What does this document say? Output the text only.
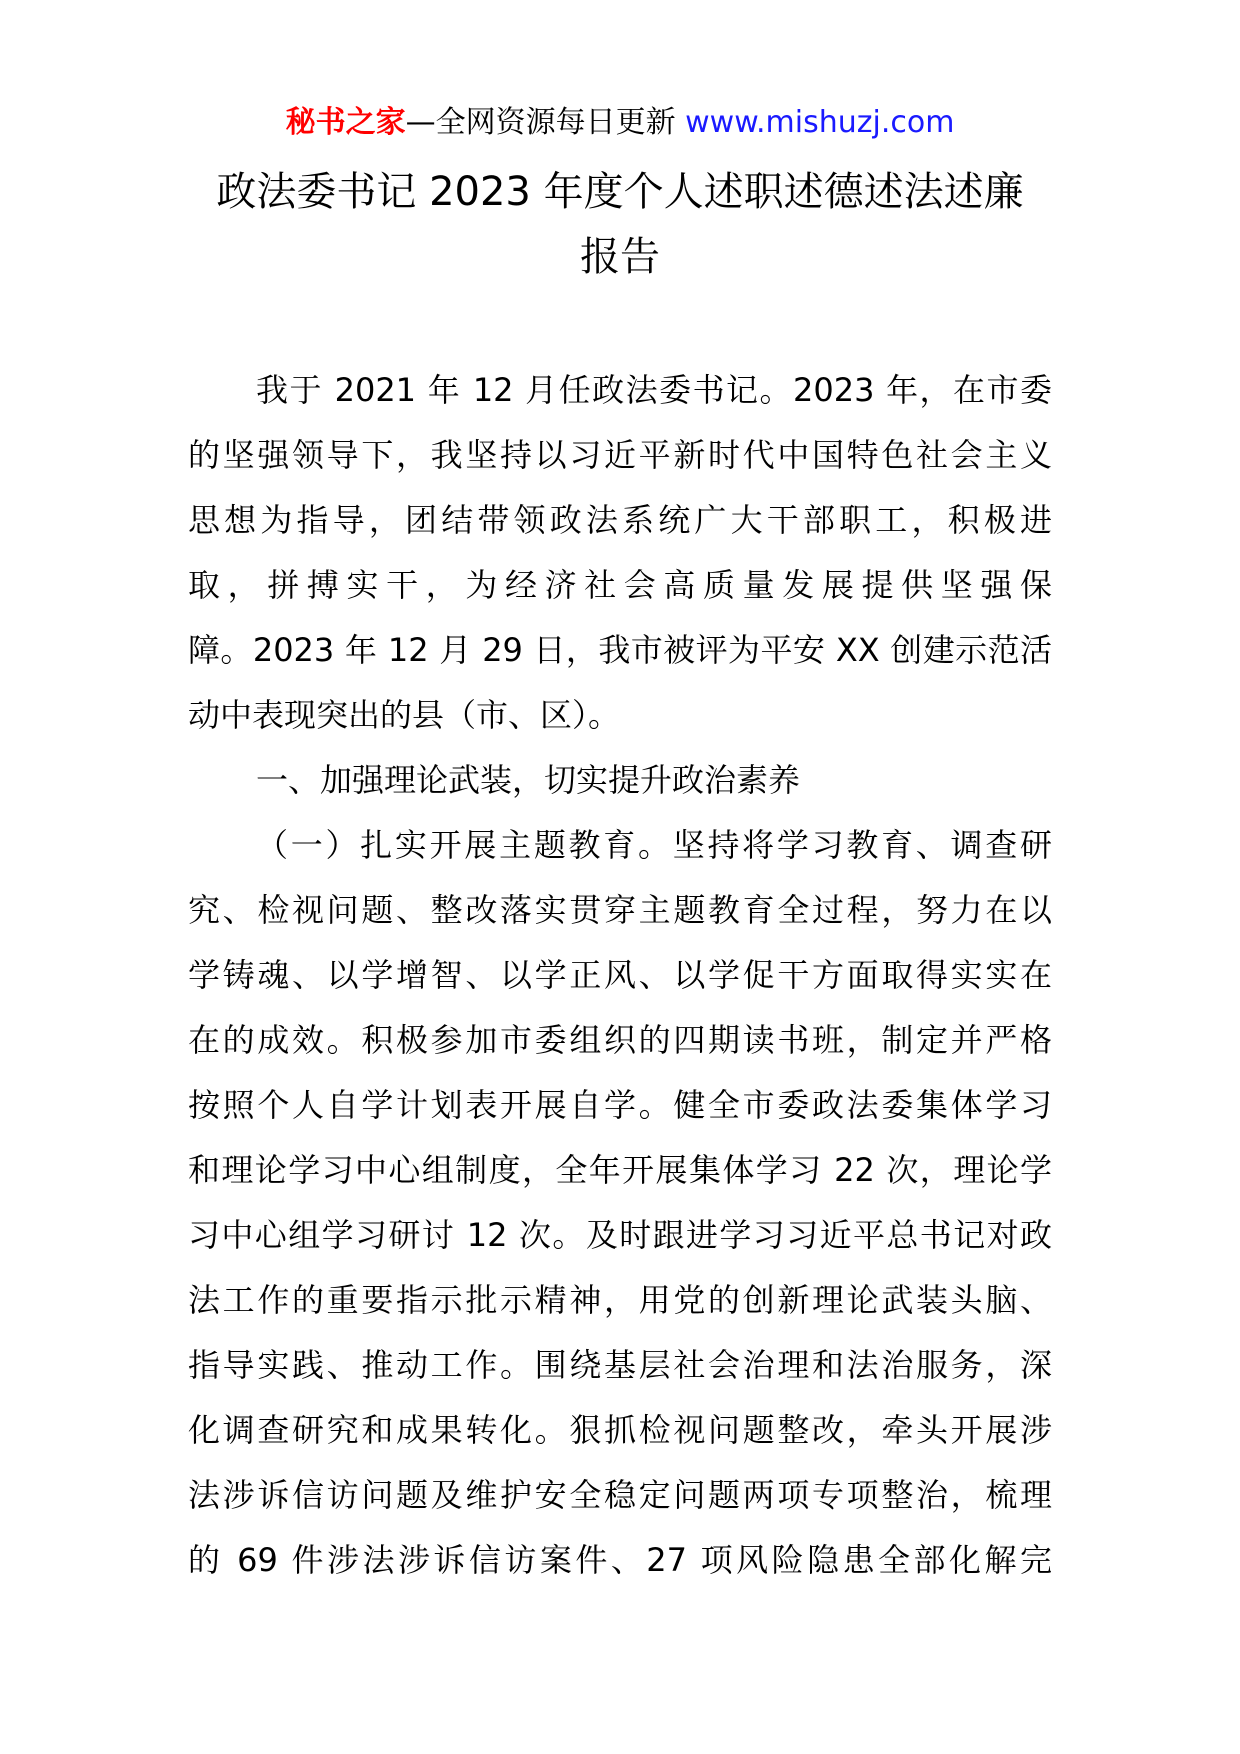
秘书之家—全网资源每日更新 www.mishuzj.com
政法委书记 2023 年度个人述职述德述法述廉
报告
我于 2021 年 12 月任政法委书记。2023 年，在市委
的坚强领导下，我坚持以习近平新时代中国特色社会主义
思想为指导，团结带领政法系统广大干部职工，积极进
取，拼搏实干，为经济社会高质量发展提供坚强保
障。2023 年 12 月 29 日，我市被评为平安 XX 创建示范活
动中表现突出的县（市、区）。
一、加强理论武装，切实提升政治素养
（一）扎实开展主题教育。坚持将学习教育、调查研
究、检视问题、整改落实贯穿主题教育全过程，努力在以
学铸魂、以学增智、以学正风、以学促干方面取得实实在
在的成效。积极参加市委组织的四期读书班，制定并严格
按照个人自学计划表开展自学。健全市委政法委集体学习
和理论学习中心组制度，全年开展集体学习 22 次，理论学
习中心组学习研讨 12 次。及时跟进学习习近平总书记对政
法工作的重要指示批示精神，用党的创新理论武装头脑、
指导实践、推动工作。围绕基层社会治理和法治服务，深
化调查研究和成果转化。狠抓检视问题整改，牵头开展涉
法涉诉信访问题及维护安全稳定问题两项专项整治，梳理
的 69 件涉法涉诉信访案件、27 项风险隐患全部化解完
